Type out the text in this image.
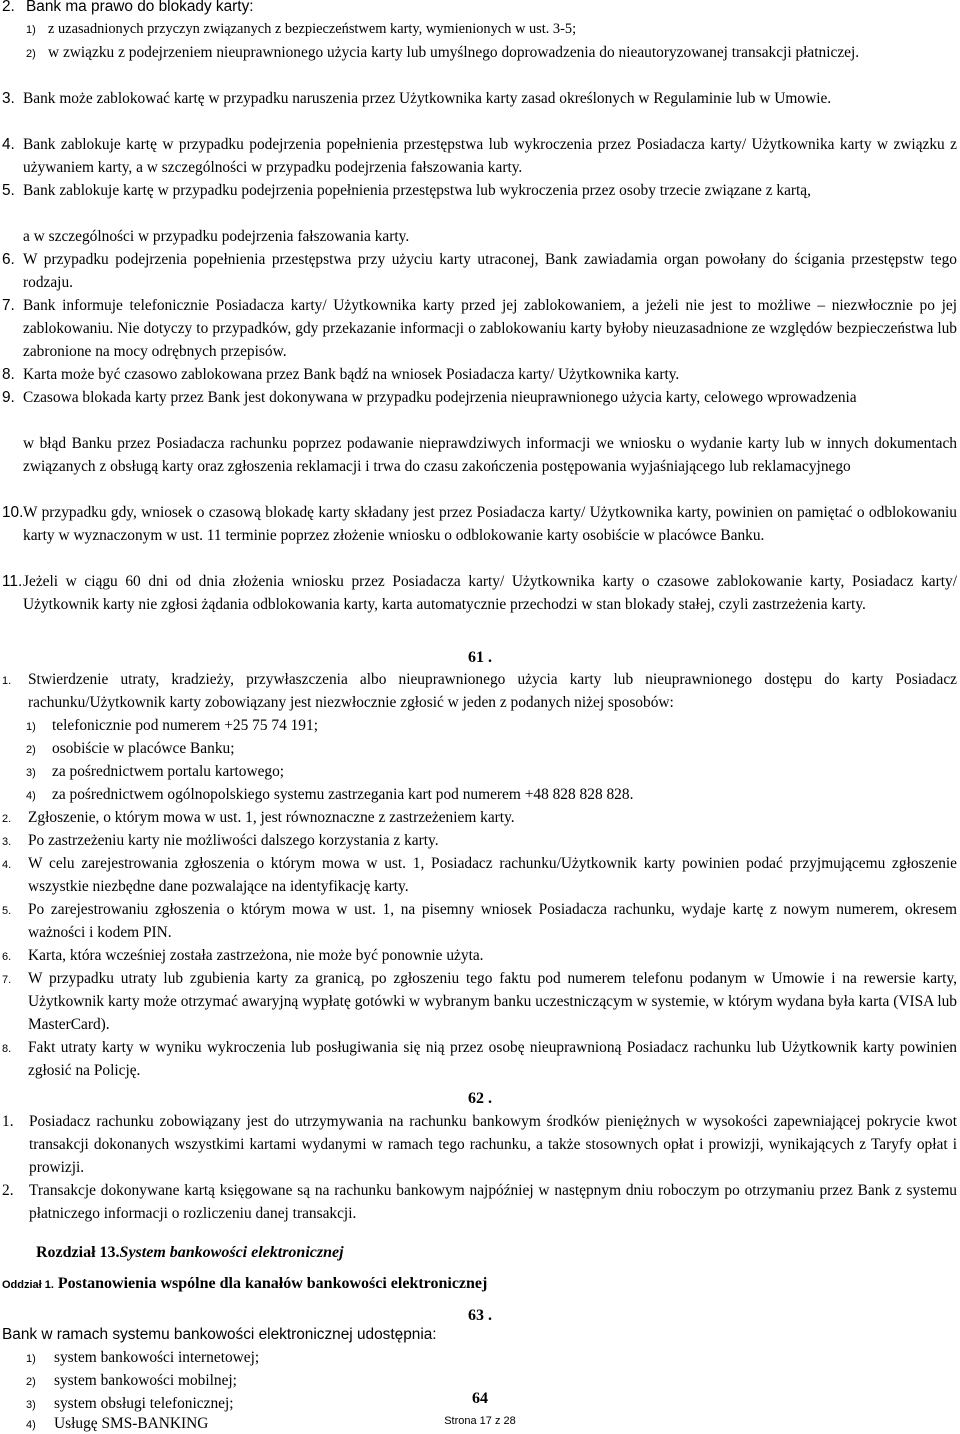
2. Bank ma prawo do blokady karty:
1) z uzasadnionych przyczyn związanych z bezpieczeństwem karty, wymienionych w ust. 3-5;
2) w związku z podejrzeniem nieuprawnionego użycia karty lub umyślnego doprowadzenia do nieautoryzowanej transakcji płatniczej.
3. Bank może zablokować kartę w przypadku naruszenia przez Użytkownika karty zasad określonych w Regulaminie lub w Umowie.
4. Bank zablokuje kartę w przypadku podejrzenia popełnienia przestępstwa lub wykroczenia przez Posiadacza karty/ Użytkownika karty w związku z używaniem karty, a w szczególności w przypadku podejrzenia fałszowania karty.
5. Bank zablokuje kartę w przypadku podejrzenia popełnienia przestępstwa lub wykroczenia przez osoby trzecie związane z kartą,
a w szczególności w przypadku podejrzenia fałszowania karty.
6. W przypadku podejrzenia popełnienia przestępstwa przy użyciu karty utraconej, Bank zawiadamia organ powołany do ścigania przestępstw tego rodzaju.
7. Bank informuje telefonicznie Posiadacza karty/ Użytkownika karty przed jej zablokowaniem, a jeżeli nie jest to możliwe – niezwłocznie po jej zablokowaniu. Nie dotyczy to przypadków, gdy przekazanie informacji o zablokowaniu karty byłoby nieuzasadnione ze względów bezpieczeństwa lub zabronione na mocy odrębnych przepisów.
8. Karta może być czasowo zablokowana przez Bank bądź na wniosek Posiadacza karty/ Użytkownika karty.
9. Czasowa blokada karty przez Bank jest dokonywana w przypadku podejrzenia nieuprawnionego użycia karty, celowego wprowadzenia
w błąd Banku przez Posiadacza rachunku poprzez podawanie nieprawdziwych informacji we wniosku o wydanie karty lub w innych dokumentach związanych z obsługą karty oraz zgłoszenia reklamacji i trwa do czasu zakończenia postępowania wyjaśniającego lub reklamacyjnego
10. W przypadku gdy, wniosek o czasową blokadę karty składany jest przez Posiadacza karty/ Użytkownika karty, powinien on pamiętać o odblokowaniu karty w wyznaczonym w ust. 11 terminie poprzez złożenie wniosku o odblokowanie karty osobiście w placówce Banku.
11. Jeżeli w ciągu 60 dni od dnia złożenia wniosku przez Posiadacza karty/ Użytkownika karty o czasowe zablokowanie karty, Posiadacz karty/ Użytkownik karty nie zgłosi żądania odblokowania karty, karta automatycznie przechodzi w stan blokady stałej, czyli zastrzeżenia karty.
61 .
1.	Stwierdzenie utraty, kradzieży, przywłaszczenia albo nieuprawnionego użycia karty lub nieuprawnionego dostępu do karty Posiadacz rachunku/Użytkownik karty zobowiązany jest niezwłocznie zgłosić w jeden z podanych niżej sposobów:
1)	telefonicznie pod numerem +25 75 74 191;
2)	osobiście w placówce Banku;
3)	za pośrednictwem portalu kartowego;
4)	za pośrednictwem ogólnopolskiego systemu zastrzegania kart pod numerem +48 828 828 828.
2.	Zgłoszenie, o którym mowa w ust. 1, jest równoznaczne z zastrzeżeniem karty.
3.	Po zastrzeżeniu karty nie możliwości dalszego korzystania z karty.
4.	W celu zarejestrowania zgłoszenia o którym mowa w ust. 1, Posiadacz rachunku/Użytkownik karty powinien podać przyjmującemu zgłoszenie wszystkie niezbędne dane pozwalające na identyfikację karty.
5.	Po zarejestrowaniu zgłoszenia o którym mowa w ust. 1, na pisemny wniosek Posiadacza rachunku, wydaje kartę z nowym numerem, okresem ważności i kodem PIN.
6.	Karta, która wcześniej została zastrzeżona, nie może być ponownie użyta.
7.	W przypadku utraty lub zgubienia karty za granicą, po zgłoszeniu tego faktu pod numerem telefonu podanym w Umowie i na rewersie karty, Użytkownik karty może otrzymać awaryjną wypłatę gotówki w wybranym banku uczestniczącym w systemie, w którym wydana była karta (VISA lub MasterCard).
8.	Fakt utraty karty w wyniku wykroczenia lub posługiwania się nią przez osobę nieuprawnioną Posiadacz rachunku lub Użytkownik karty powinien zgłosić na Policję.
62 .
1.	Posiadacz rachunku zobowiązany jest do utrzymywania na rachunku bankowym środków pieniężnych w wysokości zapewniającej pokrycie kwot transakcji dokonanych wszystkimi kartami wydanymi w ramach tego rachunku, a także stosownych opłat i prowizji, wynikających z Taryfy opłat i prowizji.
2.	Transakcje dokonywane kartą księgowane są na rachunku bankowym najpóźniej w następnym dniu roboczym po otrzymaniu przez Bank z systemu płatniczego informacji o rozliczeniu danej transakcji.
Rozdział 13.System bankowości elektronicznej
Oddział 1. Postanowienia wspólne dla kanałów bankowości elektronicznej
63 .
Bank w ramach systemu bankowości elektronicznej udostępnia:
1)	system bankowości internetowej;
2)	system bankowości mobilnej;
3)	system obsługi telefonicznej;
4)	Usługę SMS-BANKING
64
Strona 17 z 28
